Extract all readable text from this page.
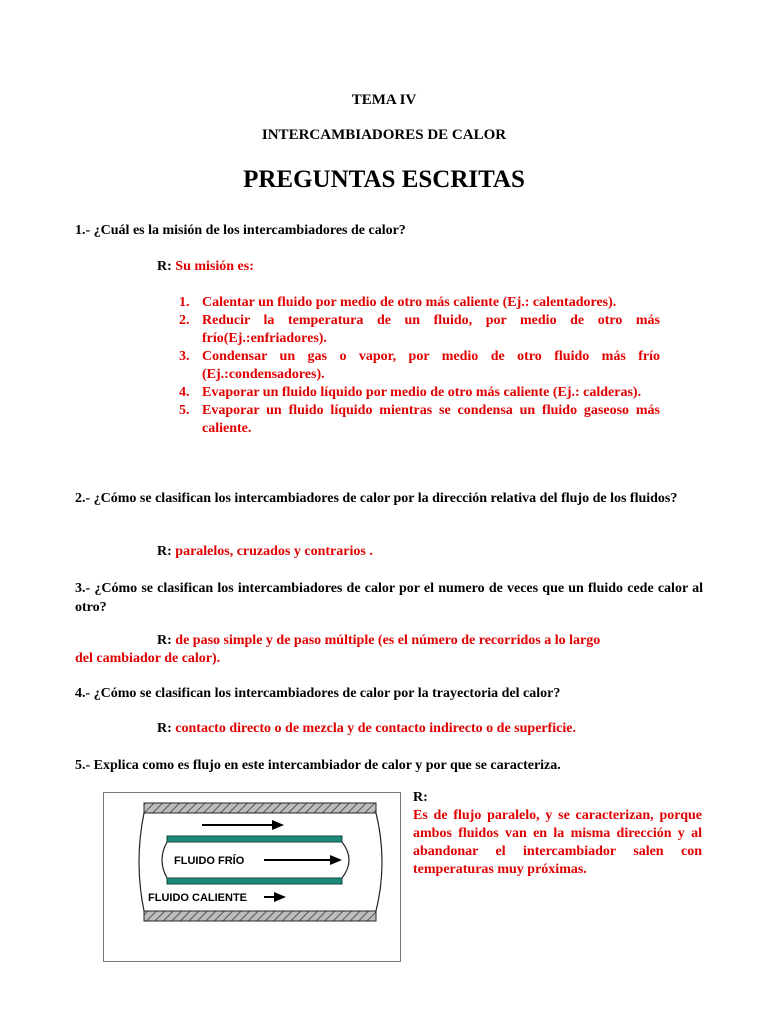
TEMA IV
INTERCAMBIADORES DE CALOR
PREGUNTAS ESCRITAS
1.- ¿Cuál es la misión de los intercambiadores de calor?
R: Su misión es:
1. Calentar un fluido por medio de otro más caliente (Ej.: calentadores).
2. Reducir la temperatura de un fluido, por medio de otro más frío(Ej.:enfriadores).
3. Condensar un gas o vapor, por medio de otro fluido más frío (Ej.:condensadores).
4. Evaporar un fluido líquido por medio de otro más caliente (Ej.: calderas).
5. Evaporar un fluido líquido mientras se condensa un fluido gaseoso más caliente.
2.- ¿Cómo se clasifican los intercambiadores de calor por la dirección relativa del flujo de los fluidos?
R: paralelos, cruzados y contrarios .
3.- ¿Cómo se clasifican los intercambiadores de calor por el numero de veces que un fluido cede calor al otro?
R: de paso simple y de paso múltiple (es el número de recorridos a lo largo
del cambiador de calor).
4.- ¿Cómo se clasifican los intercambiadores de calor por la trayectoria del calor?
R: contacto directo o de mezcla y de contacto indirecto o de superficie.
5.- Explica como es flujo en este intercambiador de calor y por que se caracteriza.
FLUIDO FRÍO
FLUIDO CALIENTE
R:
Es de flujo paralelo, y se caracterizan, porque ambos fluidos van en la misma dirección y al abandonar el intercambiador salen con temperaturas muy próximas.
